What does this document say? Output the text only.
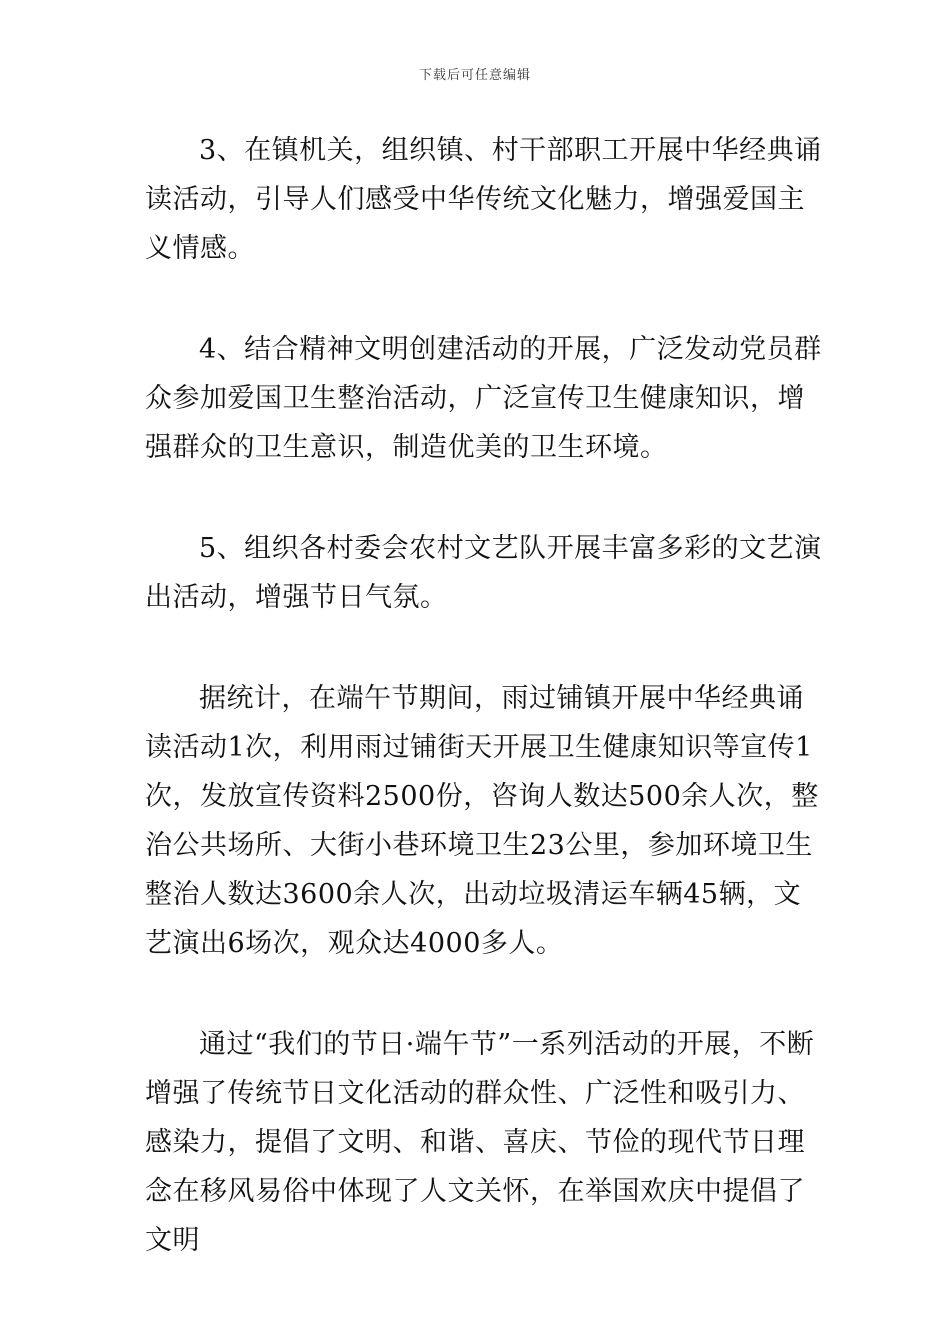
下载后可任意编辑

3、在镇机关，组织镇、村干部职工开展中华经典诵读活动，引导人们感受中华传统文化魅力，增强爱国主义情感。

4、结合精神文明创建活动的开展，广泛发动党员群众参加爱国卫生整治活动，广泛宣传卫生健康知识，增强群众的卫生意识，制造优美的卫生环境。

5、组织各村委会农村文艺队开展丰富多彩的文艺演出活动，增强节日气氛。

据统计，在端午节期间，雨过铺镇开展中华经典诵读活动1次，利用雨过铺街天开展卫生健康知识等宣传1次，发放宣传资料2500份，咨询人数达500余人次，整治公共场所、大街小巷环境卫生23公里，参加环境卫生整治人数达3600余人次，出动垃圾清运车辆45辆，文艺演出6场次，观众达4000多人。

通过“我们的节日·端午节”一系列活动的开展，不断增强了传统节日文化活动的群众性、广泛性和吸引力、感染力，提倡了文明、和谐、喜庆、节俭的现代节日理念在移风易俗中体现了人文关怀，在举国欢庆中提倡了文明
